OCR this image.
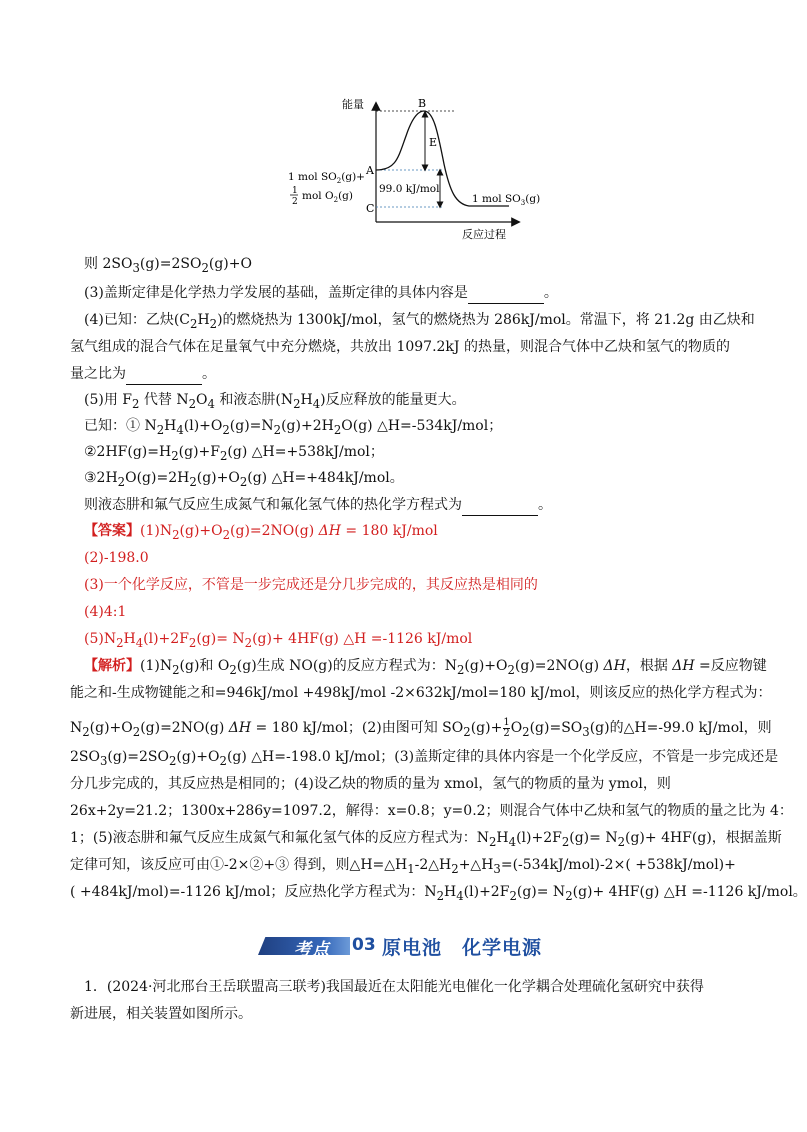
能量	B
A
C
E
99.0 kJ/mol
1 mol $SO_2(g)+$
1
2 mol $O_2(g)$	1 mol $SO_3(g)$
反应过程
则 $2SO_3(g)=2SO_2(g)+O$
(3)盖斯定律是化学热力学发展的基础，盖斯定律的具体内容是	。
(4)已知：乙炔$(C_2H_2)$的燃烧热为 1300kJ/mol，氢气的燃烧热为 286kJ/mol。常温下，将 21.2g 由乙炔和
氢气组成的混合气体在足量氧气中充分燃烧，共放出 1097.2kJ 的热量，则混合气体中乙炔和氢气的物质的
量之比为	。
(5)用 $F_2$ 代替 $N_2O_4$ 和液态肼$(N_2H_4)$反应释放的能量更大。
已知：① $N_2H_4(l)+O_2(g)=N_2(g)+2H_2O(g)$ △H=-534kJ/mol；
$②2HF(g)=H_2(g)+F_2(g)$ △H=+538kJ/mol；
$③2H_2O(g)=2H_2(g)+O_2(g)$ △H=+484kJ/mol。
则液态肼和氟气反应生成氮气和氟化氢气体的热化学方程式为	。
【答案】$(1)N_2(g)+O_2(g)=2NO(g) \Delta H = 180$ kJ/mol
(2)-198.0
(3)一个化学反应，不管是一步完成还是分几步完成的，其反应热是相同的
(4)4:1
$(5)N_2H_4(l)+2F_2(g)= N_2(g)+ 4HF(g)$ △H =-1126 kJ/mol
【解析】$(1)N_2(g)$和 $O_2(g)$生成 NO(g)的反应方程式为：$N_2(g)+O_2(g)=2NO(g)$ ΔH，根据 ΔH =反应物键
能之和-生成物键能之和=946kJ/mol +498kJ/mol -2×632kJ/mol=180 kJ/mol，则该反应的热化学方程式为：
$N_2(g)+O_2(g)=2NO(g) \Delta H = 180$ kJ/mol；(2)由图可知 $SO_2(g)+ \frac{1}{2} O_2(g)=SO_3(g)$的△H=-99.0 kJ/mol，则
$2SO_3(g)=2SO_2(g)+O_2(g)$ △H=-198.0 kJ/mol；(3)盖斯定律的具体内容是一个化学反应，不管是一步完成还是
分几步完成的，其反应热是相同的；(4)设乙炔的物质的量为 xmol，氢气的物质的量为 ymol，则
26x+2y=21.2；1300x+286y=1097.2，解得：x=0.8；y=0.2；则混合气体中乙炔和氢气的物质的量之比为 4：
1；(5)液态肼和氟气反应生成氮气和氟化氢气体的反应方程式为：$N_2H_4(l)+2F_2(g)= N_2(g)+ 4HF(g)$，根据盖斯
定律可知，该反应可由①-2×②+③ 得到，则$\triangle H=\triangle H_1-2\triangle H_2+\triangle H_3=(-534kJ/mol)-2\times( +538kJ/mol)+$
( +484kJ/mol)=-1126 kJ/mol；反应热化学方程式为：$N_2H_4(l)+2F_2(g)= N_2(g)+ 4HF(g)$ △H =-1126 kJ/mol。
考点 03 原电池　化学电源
1．(2024·河北邢台王岳联盟高三联考)我国最近在太阳能光电催化一化学耦合处理硫化氢研究中获得
新进展，相关装置如图所示。
